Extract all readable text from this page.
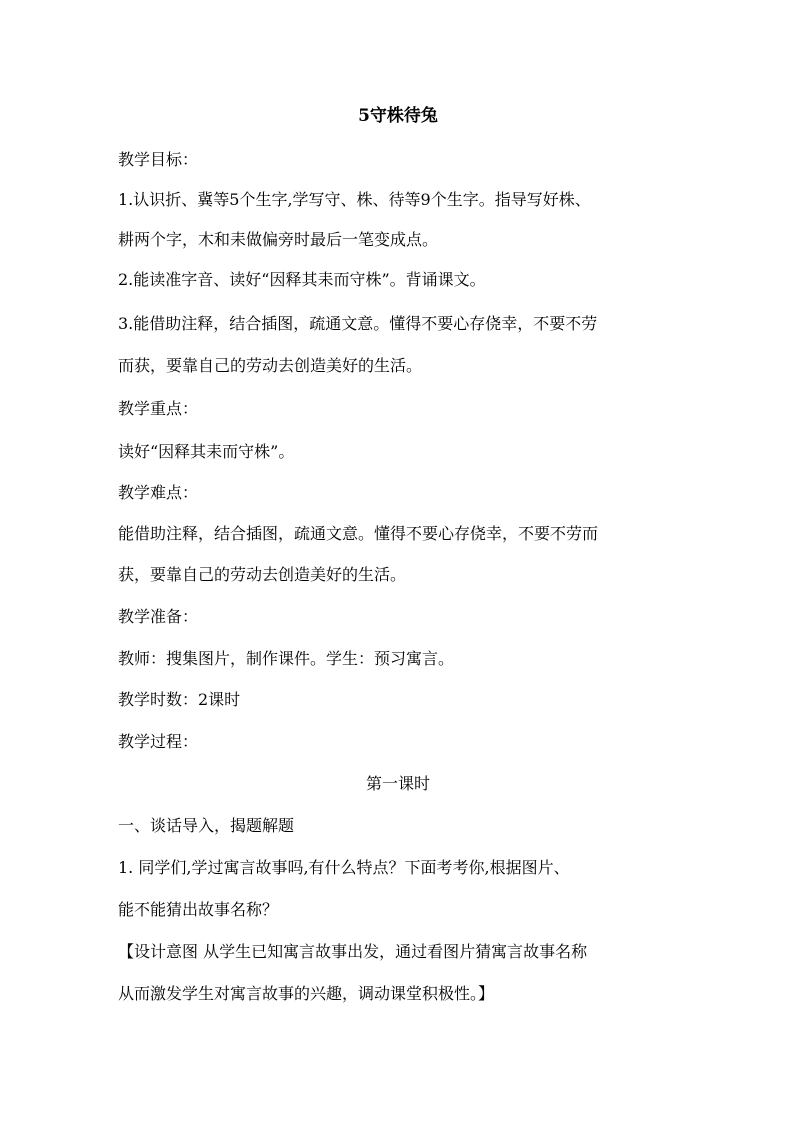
5守株待兔
教学目标：
1.认识折、冀等5个生字,学写守、株、待等9个生字。指导写好株、
耕两个字，木和耒做偏旁时最后一笔变成点。
2.能读准字音、读好“因释其耒而守株”。背诵课文。
3.能借助注释，结合插图，疏通文意。懂得不要心存侥幸，不要不劳
而获，要靠自己的劳动去创造美好的生活。
教学重点：
读好“因释其耒而守株”。
教学难点：
能借助注释，结合插图，疏通文意。懂得不要心存侥幸，不要不劳而
获，要靠自己的劳动去创造美好的生活。
教学准备：
教师：搜集图片，制作课件。学生：预习寓言。
教学时数：2课时
教学过程：
第一课时
一、谈话导入，揭题解题
1. 同学们,学过寓言故事吗,有什么特点？下面考考你,根据图片、
能不能猜出故事名称？
【设计意图 从学生已知寓言故事出发，通过看图片猜寓言故事名称
从而激发学生对寓言故事的兴趣，调动课堂积极性。】
